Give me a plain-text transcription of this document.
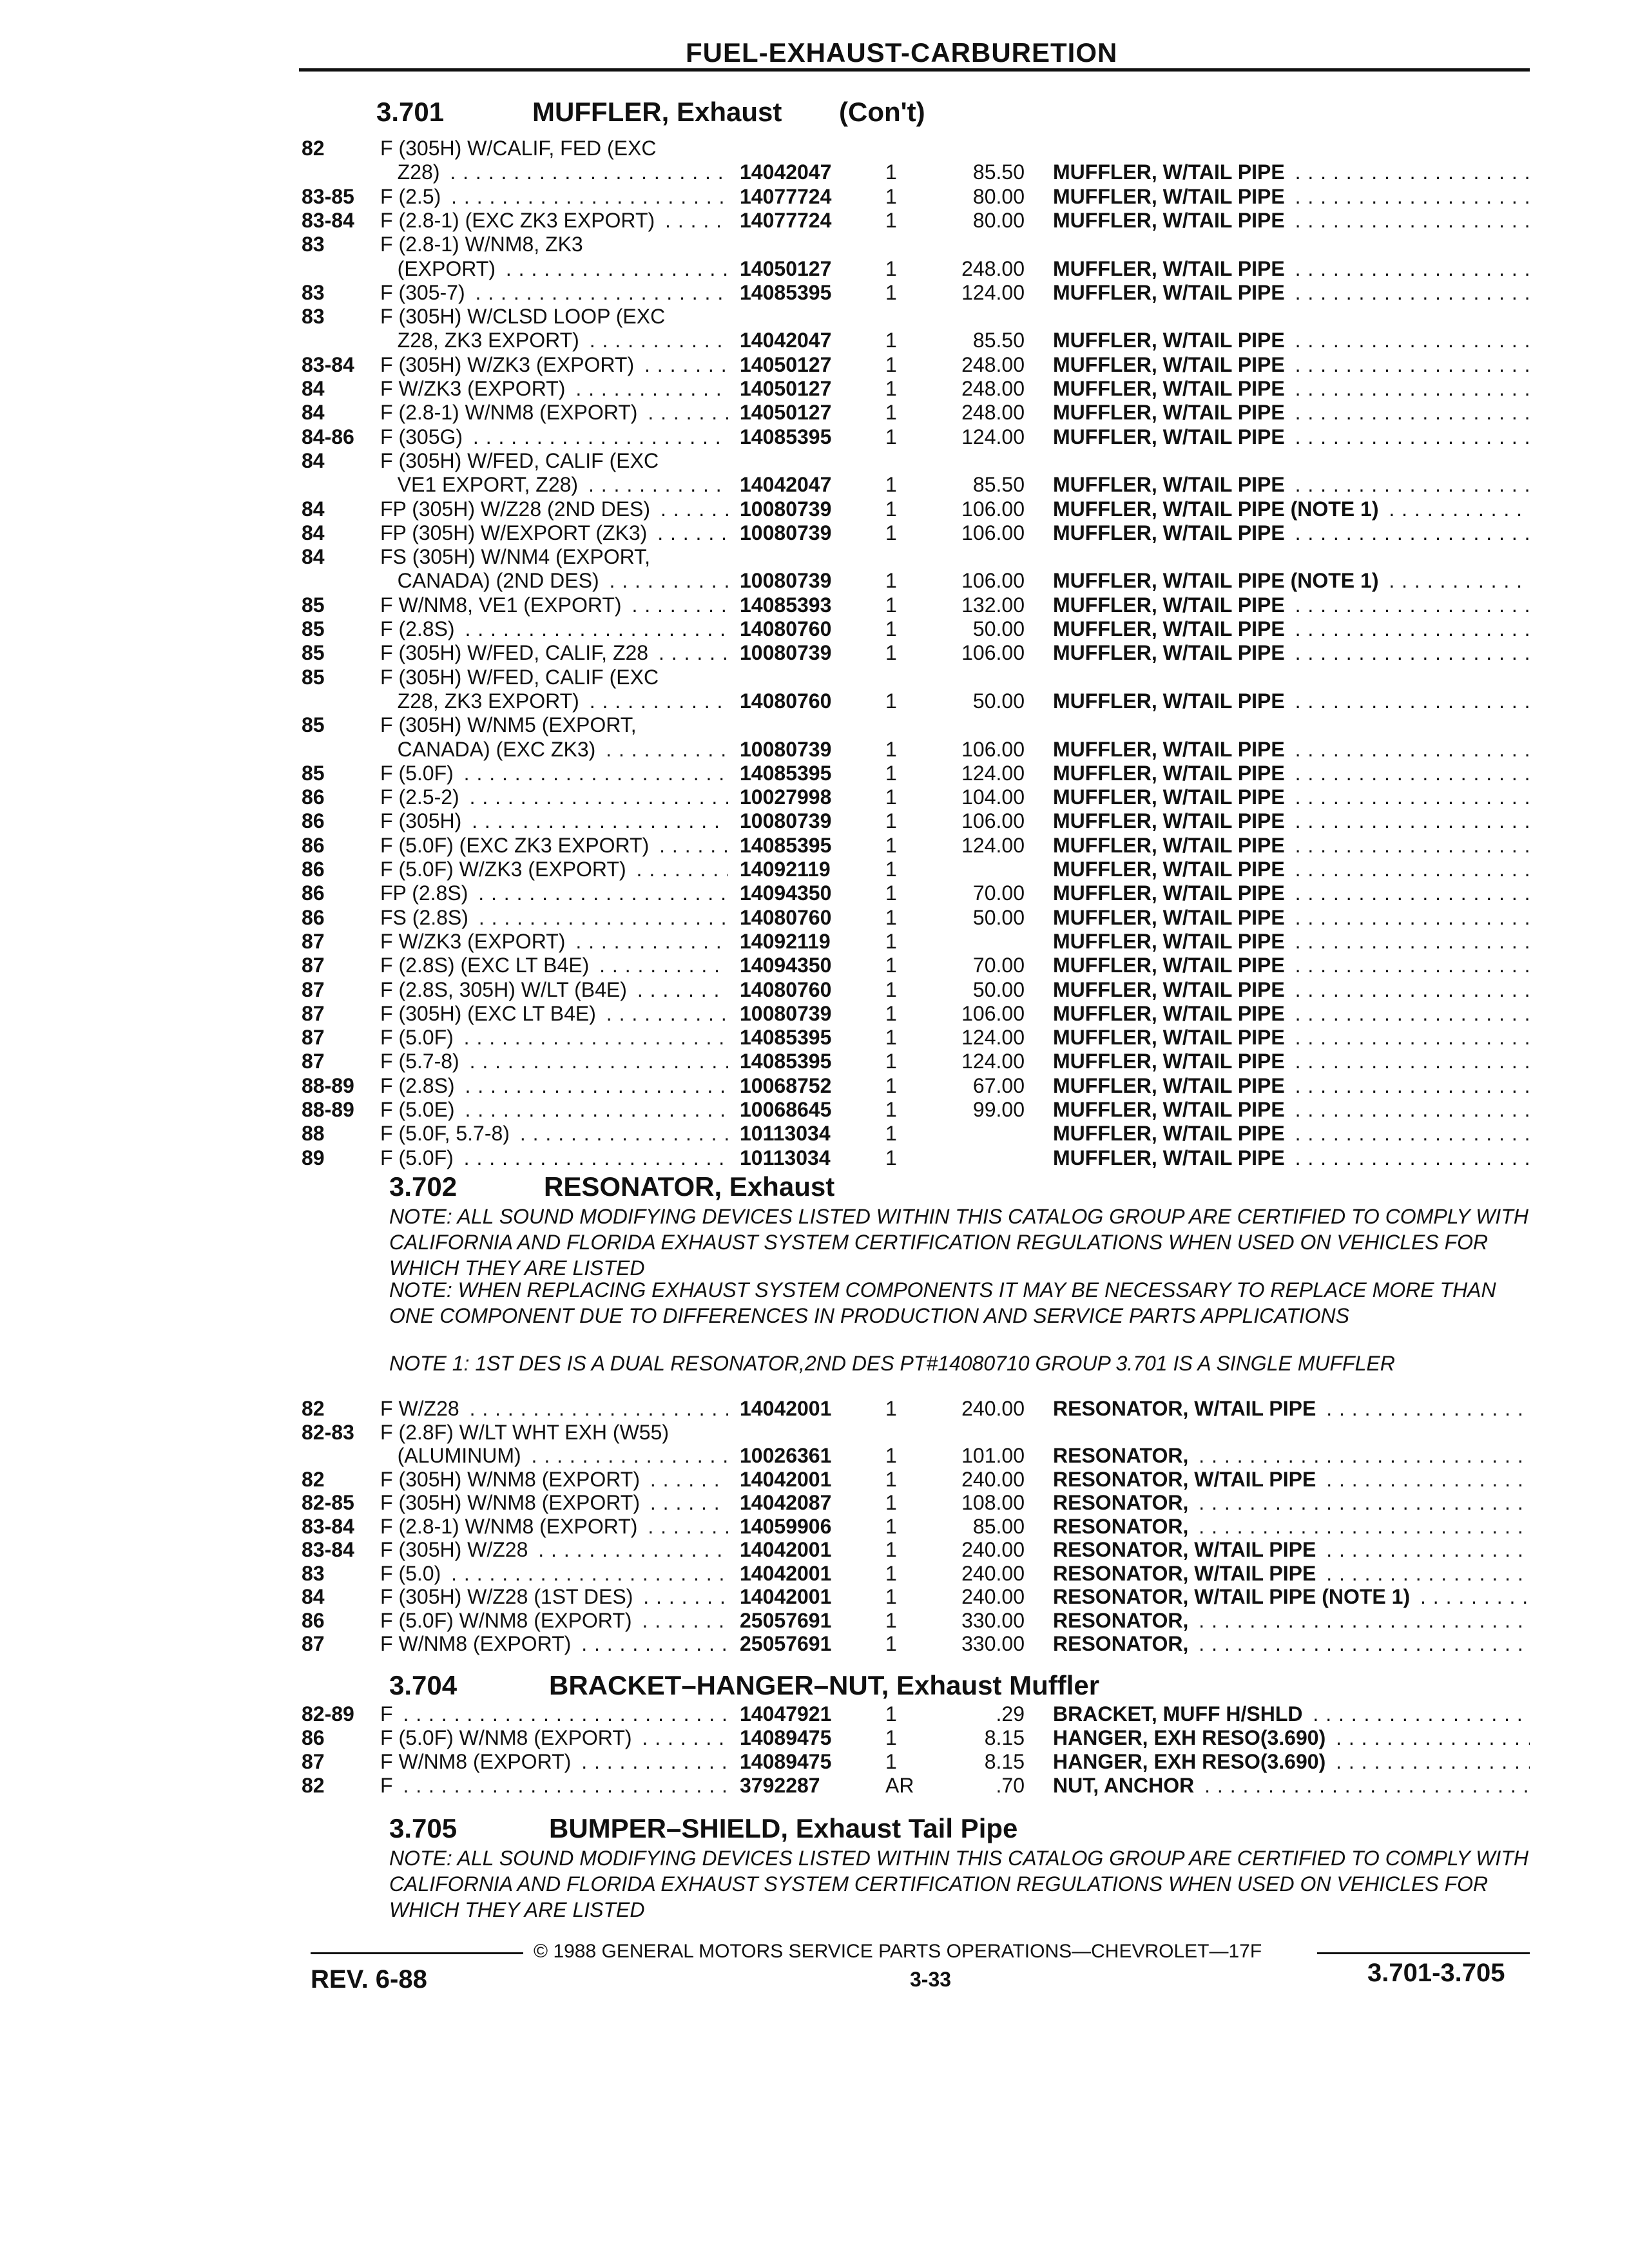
FUEL-EXHAUST-CARBURETION
3.701	MUFFLER, Exhaust (Con't)
3.702	RESONATOR, Exhaust
3.704	BRACKET–HANGER–NUT, Exhaust Muffler
3.705	BUMPER–SHIELD, Exhaust Tail Pipe
NOTE: ALL SOUND MODIFYING DEVICES LISTED WITHIN THIS CATALOG GROUP ARE CERTIFIED TO COMPLY WITH CALIFORNIA AND FLORIDA EXHAUST SYSTEM CERTIFICATION REGULATIONS WHEN USED ON VEHICLES FOR WHICH THEY ARE LISTED
NOTE: WHEN REPLACING EXHAUST SYSTEM COMPONENTS IT MAY BE NECESSARY TO REPLACE MORE THAN ONE COMPONENT DUE TO DIFFERENCES IN PRODUCTION AND SERVICE PARTS APPLICATIONS
NOTE 1: 1ST DES IS A DUAL RESONATOR,2ND DES PT#14080710 GROUP 3.701 IS A SINGLE MUFFLER
NOTE: ALL SOUND MODIFYING DEVICES LISTED WITHIN THIS CATALOG GROUP ARE CERTIFIED TO COMPLY WITH CALIFORNIA AND FLORIDA EXHAUST SYSTEM CERTIFICATION REGULATIONS WHEN USED ON VEHICLES FOR WHICH THEY ARE LISTED
82	F (305H) W/CALIF, FED (EXC
Z28) . . .	14042047	1	85.50 MUFFLER, W/TAIL PIPE . . .
83-85 F (2.5) . . .	14077724	1	80.00 MUFFLER, W/TAIL PIPE . . .
83-84 F (2.8-1) (EXC ZK3 EXPORT) . . .	14077724	1	80.00 MUFFLER, W/TAIL PIPE . . .
83	F (2.8-1) W/NM8, ZK3
(EXPORT) . . .	14050127	1	248.00 MUFFLER, W/TAIL PIPE . . .
83	F (305-7) . . .	14085395	1	124.00 MUFFLER, W/TAIL PIPE . . .
83	F (305H) W/CLSD LOOP (EXC
Z28, ZK3 EXPORT) . . .	14042047	1	85.50 MUFFLER, W/TAIL PIPE . . .
83-84 F (305H) W/ZK3 (EXPORT) . . .	14050127	1	248.00 MUFFLER, W/TAIL PIPE . . .
84	F W/ZK3 (EXPORT) . . .	14050127	1	248.00 MUFFLER, W/TAIL PIPE . . .
84	F (2.8-1) W/NM8 (EXPORT) . . .	14050127	1	248.00 MUFFLER, W/TAIL PIPE . . .
84-86 F (305G) . . .	14085395	1	124.00 MUFFLER, W/TAIL PIPE . . .
84	F (305H) W/FED, CALIF (EXC
VE1 EXPORT, Z28) . . .	14042047	1	85.50 MUFFLER, W/TAIL PIPE . . .
84	FP (305H) W/Z28 (2ND DES) . . .	10080739	1	106.00 MUFFLER, W/TAIL PIPE (NOTE 1) . . .
84	FP (305H) W/EXPORT (ZK3) . . .	10080739	1	106.00 MUFFLER, W/TAIL PIPE . . .
84	FS (305H) W/NM4 (EXPORT,
CANADA) (2ND DES) . . .	10080739	1	106.00 MUFFLER, W/TAIL PIPE (NOTE 1) . . .
85	F W/NM8, VE1 (EXPORT) . . .	14085393	1	132.00 MUFFLER, W/TAIL PIPE . . .
85	F (2.8S) . . .	14080760	1	50.00 MUFFLER, W/TAIL PIPE . . .
85	F (305H) W/FED, CALIF, Z28 . . .	10080739	1	106.00 MUFFLER, W/TAIL PIPE . . .
85	F (305H) W/FED, CALIF (EXC
Z28, ZK3 EXPORT) . . .	14080760	1	50.00 MUFFLER, W/TAIL PIPE . . .
85	F (305H) W/NM5 (EXPORT,
CANADA) (EXC ZK3) . . .	10080739	1	106.00 MUFFLER, W/TAIL PIPE . . .
85	F (5.0F) . . .	14085395	1	124.00 MUFFLER, W/TAIL PIPE . . .
86	F (2.5-2) . . .	10027998	1	104.00 MUFFLER, W/TAIL PIPE . . .
86	F (305H) . . .	10080739	1	106.00 MUFFLER, W/TAIL PIPE . . .
86	F (5.0F) (EXC ZK3 EXPORT) . . .	14085395	1	124.00 MUFFLER, W/TAIL PIPE . . .
86	F (5.0F) W/ZK3 (EXPORT) . . .	14092119	1	MUFFLER, W/TAIL PIPE . . .
86	FP (2.8S) . . .	14094350	1	70.00 MUFFLER, W/TAIL PIPE . . .
86	FS (2.8S) . . .	14080760	1	50.00 MUFFLER, W/TAIL PIPE . . .
87	F W/ZK3 (EXPORT) . . .	14092119	1	MUFFLER, W/TAIL PIPE . . .
87	F (2.8S) (EXC LT B4E) . . .	14094350	1	70.00 MUFFLER, W/TAIL PIPE . . .
87	F (2.8S, 305H) W/LT (B4E) . . .	14080760	1	50.00 MUFFLER, W/TAIL PIPE . . .
87	F (305H) (EXC LT B4E) . . .	10080739	1	106.00 MUFFLER, W/TAIL PIPE . . .
87	F (5.0F) . . .	14085395	1	124.00 MUFFLER, W/TAIL PIPE . . .
87	F (5.7-8) . . .	14085395	1	124.00 MUFFLER, W/TAIL PIPE . . .
88-89 F (2.8S) . . .	10068752	1	67.00 MUFFLER, W/TAIL PIPE . . .
88-89 F (5.0E) . . .	10068645	1	99.00 MUFFLER, W/TAIL PIPE . . .
88	F (5.0F, 5.7-8) . . .	10113034	1	MUFFLER, W/TAIL PIPE . . .
89	F (5.0F) . . .	10113034	1	MUFFLER, W/TAIL PIPE . . .
82	F W/Z28 . . .	14042001	1	240.00 RESONATOR, W/TAIL PIPE . . .
82-83 F (2.8F) W/LT WHT EXH (W55)
(ALUMINUM) . . .	10026361	1	101.00 RESONATOR, . . .
82	F (305H) W/NM8 (EXPORT) . . .	14042001	1	240.00 RESONATOR, W/TAIL PIPE . . .
82-85 F (305H) W/NM8 (EXPORT) . . .	14042087	1	108.00 RESONATOR, . . .
83-84 F (2.8-1) W/NM8 (EXPORT) . . .	14059906	1	85.00 RESONATOR, . . .
83-84 F (305H) W/Z28 . . .	14042001	1	240.00 RESONATOR, W/TAIL PIPE . . .
83	F (5.0) . . .	14042001	1	240.00 RESONATOR, W/TAIL PIPE . . .
84	F (305H) W/Z28 (1ST DES) . . .	14042001	1	240.00 RESONATOR, W/TAIL PIPE (NOTE 1) . . .
86	F (5.0F) W/NM8 (EXPORT) . . .	25057691	1	330.00 RESONATOR, . . .
87	F W/NM8 (EXPORT) . . .	25057691	1	330.00 RESONATOR, . . .
82-89 F . . .	14047921	1	.29 BRACKET, MUFF H/SHLD . . .
86	F (5.0F) W/NM8 (EXPORT) . . .	14089475	1	8.15 HANGER, EXH RESO(3.690) . . .
87	F W/NM8 (EXPORT) . . .	14089475	1	8.15 HANGER, EXH RESO(3.690) . . .
82	F . . .	3792287	AR	.70 NUT, ANCHOR . . .
© 1988 GENERAL MOTORS SERVICE PARTS OPERATIONS—CHEVROLET—17F
REV. 6-88	3-33	3.701-3.705
